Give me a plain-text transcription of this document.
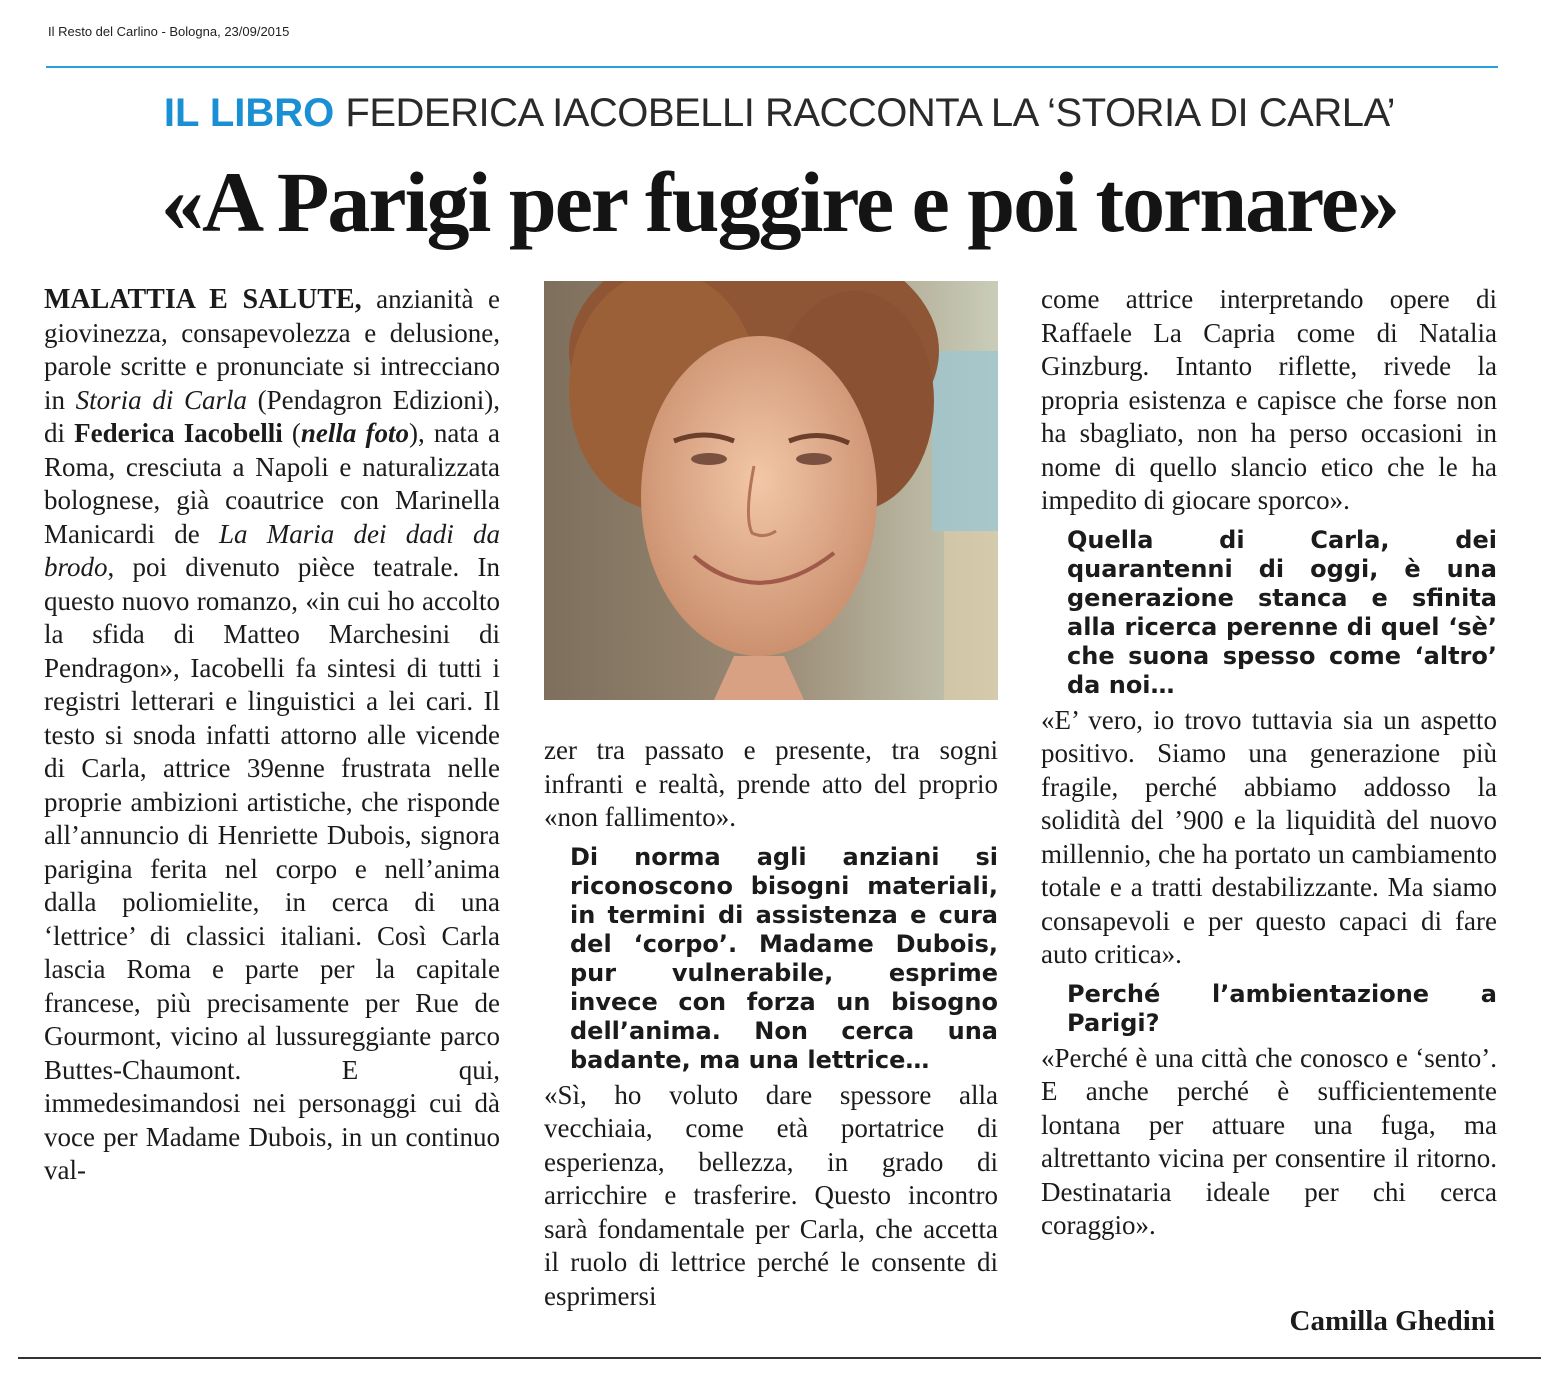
Il Resto del Carlino - Bologna, 23/09/2015
IL LIBRO FEDERICA IACOBELLI RACCONTA LA ‘STORIA DI CARLA’
«A Parigi per fuggire e poi tornare»

MALATTIA E SALUTE, anzianità e giovinezza, consapevolezza e delusione, parole scritte e pronunciate si intrecciano in Storia di Carla (Pendagron Edizioni), di Federica Iacobelli (nella foto), nata a Roma, cresciuta a Napoli e naturalizzata bolognese, già coautrice con Marinella Manicardi de La Maria dei dadi da brodo, poi divenuto pièce teatrale. In questo nuovo romanzo, «in cui ho accolto la sfida di Matteo Marchesini di Pendragon», Iacobelli fa sintesi di tutti i registri letterari e linguistici a lei cari. Il testo si snoda infatti attorno alle vicende di Carla, attrice 39enne frustrata nelle proprie ambizioni artistiche, che risponde all’annuncio di Henriette Dubois, signora parigina ferita nel corpo e nell’anima dalla poliomielite, in cerca di una ‘lettrice’ di classici italiani. Così Carla lascia Roma e parte per la capitale francese, più precisamente per Rue de Gourmont, vicino al lussureggiante parco Buttes-Chaumont. E qui, immedesimandosi nei personaggi cui dà voce per Madame Dubois, in un continuo val-

zer tra passato e presente, tra sogni infranti e realtà, prende atto del proprio «non fallimento».

Di norma agli anziani si riconoscono bisogni materiali, in termini di assistenza e cura del ‘corpo’. Madame Dubois, pur vulnerabile, esprime invece con forza un bisogno dell’anima. Non cerca una badante, ma una lettrice…

«Sì, ho voluto dare spessore alla vecchiaia, come età portatrice di esperienza, bellezza, in grado di arricchire e trasferire. Questo incontro sarà fondamentale per Carla, che accetta il ruolo di lettrice perché le consente di esprimersi

come attrice interpretando opere di Raffaele La Capria come di Natalia Ginzburg. Intanto riflette, rivede la propria esistenza e capisce che forse non ha sbagliato, non ha perso occasioni in nome di quello slancio etico che le ha impedito di giocare sporco».

Quella di Carla, dei quarantenni di oggi, è una generazione stanca e sfinita alla ricerca perenne di quel ‘sè’ che suona spesso come ‘altro’ da noi…

«E’ vero, io trovo tuttavia sia un aspetto positivo. Siamo una generazione più fragile, perché abbiamo addosso la solidità del ’900 e la liquidità del nuovo millennio, che ha portato un cambiamento totale e a tratti destabilizzante. Ma siamo consapevoli e per questo capaci di fare auto critica».

Perché l’ambientazione a Parigi?

«Perché è una città che conosco e ‘sento’. E anche perché è sufficientemente lontana per attuare una fuga, ma altrettanto vicina per consentire il ritorno. Destinataria ideale per chi cerca coraggio».

Camilla Ghedini
